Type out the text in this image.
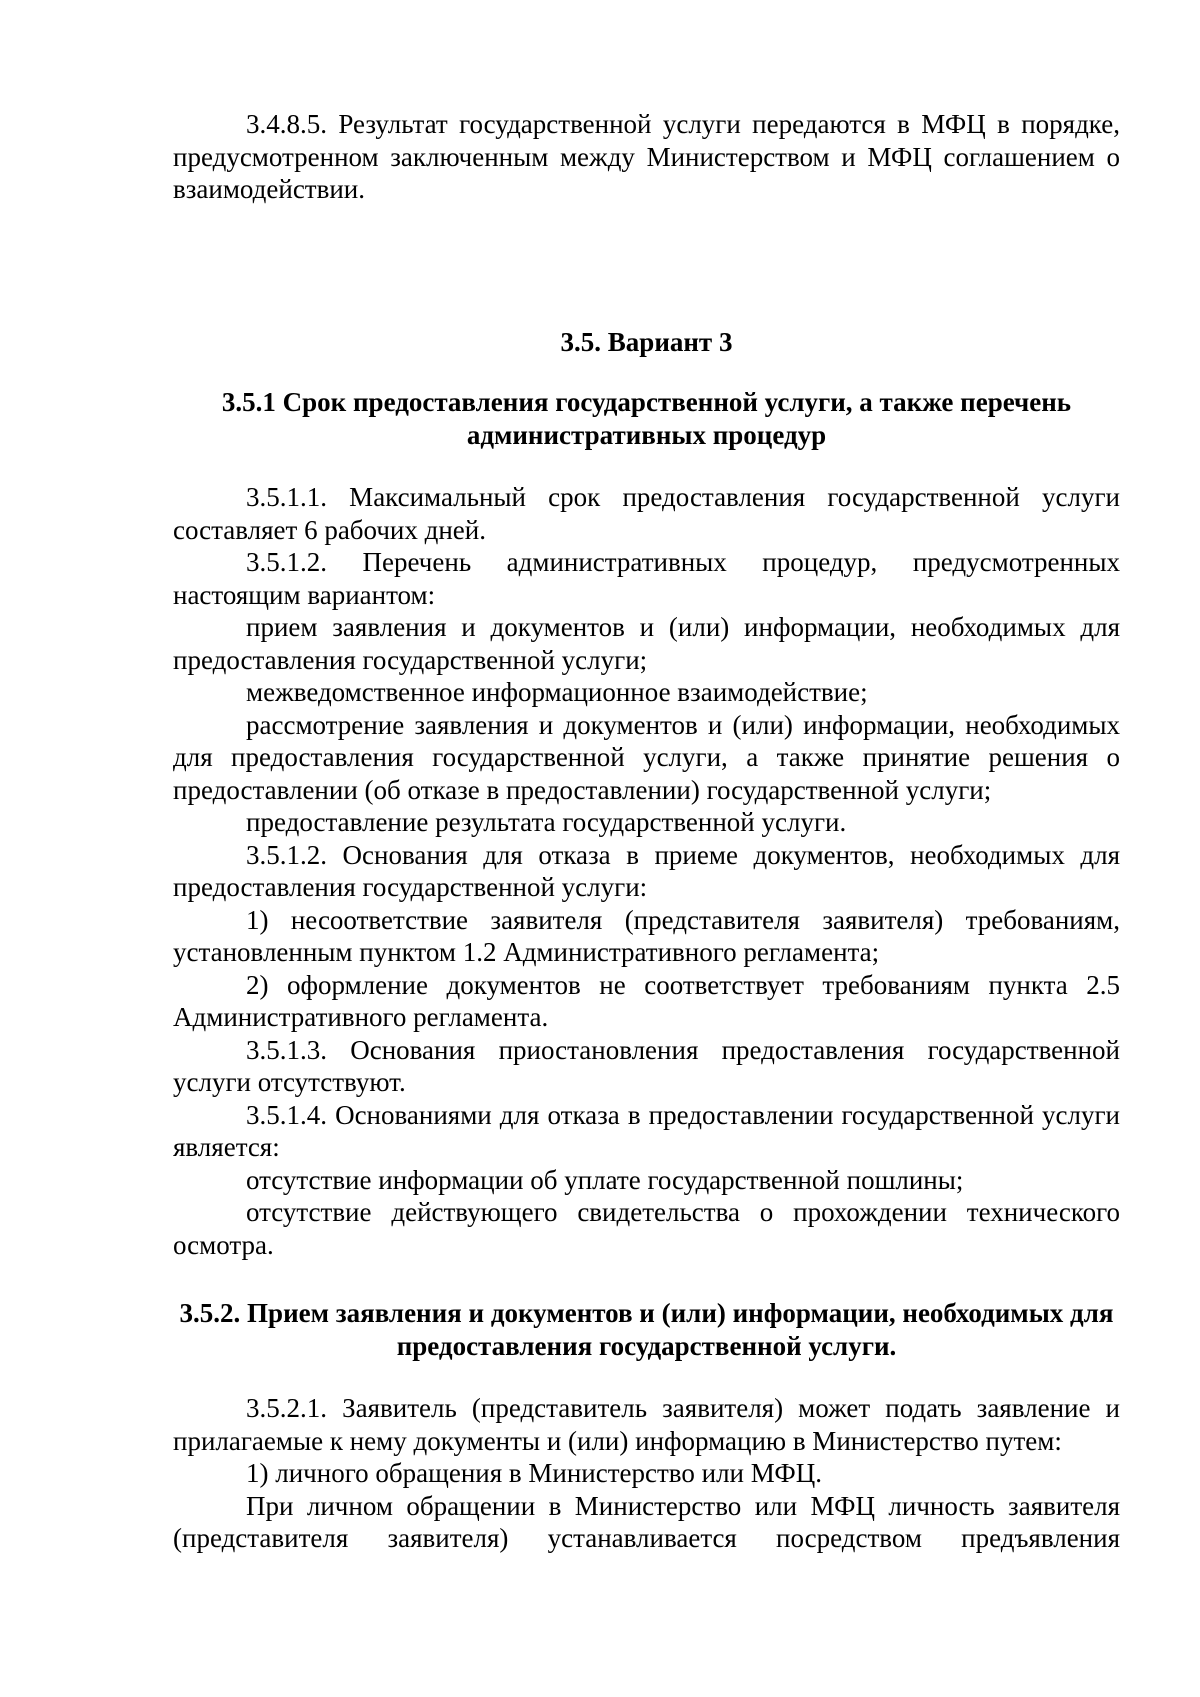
3.4.8.5. Результат государственной услуги передаются в МФЦ в порядке, предусмотренном заключенным между Министерством и МФЦ соглашением о взаимодействии.

3.5. Вариант 3
3.5.1 Срок предоставления государственной услуги, а также перечень административных процедур

3.5.1.1. Максимальный срок предоставления государственной услуги составляет 6 рабочих дней.

3.5.1.2. Перечень административных процедур, предусмотренных настоящим вариантом:

прием заявления и документов и (или) информации, необходимых для предоставления государственной услуги;

межведомственное информационное взаимодействие;

рассмотрение заявления и документов и (или) информации, необходимых для предоставления государственной услуги, а также принятие решения о предоставлении (об отказе в предоставлении) государственной услуги;

предоставление результата государственной услуги.

3.5.1.2. Основания для отказа в приеме документов, необходимых для предоставления государственной услуги:

1) несоответствие заявителя (представителя заявителя) требованиям, установленным пунктом 1.2 Административного регламента;

2) оформление документов не соответствует требованиям пункта 2.5 Административного регламента.

3.5.1.3. Основания приостановления предоставления государственной услуги отсутствуют.

3.5.1.4. Основаниями для отказа в предоставлении государственной услуги является:

отсутствие информации об уплате государственной пошлины;

отсутствие действующего свидетельства о прохождении технического осмотра.

3.5.2. Прием заявления и документов и (или) информации, необходимых для предоставления государственной услуги.

3.5.2.1. Заявитель (представитель заявителя) может подать заявление и прилагаемые к нему документы и (или) информацию в Министерство путем:

1) личного обращения в Министерство или МФЦ.

При личном обращении в Министерство или МФЦ личность заявителя (представителя заявителя) устанавливается посредством предъявления
